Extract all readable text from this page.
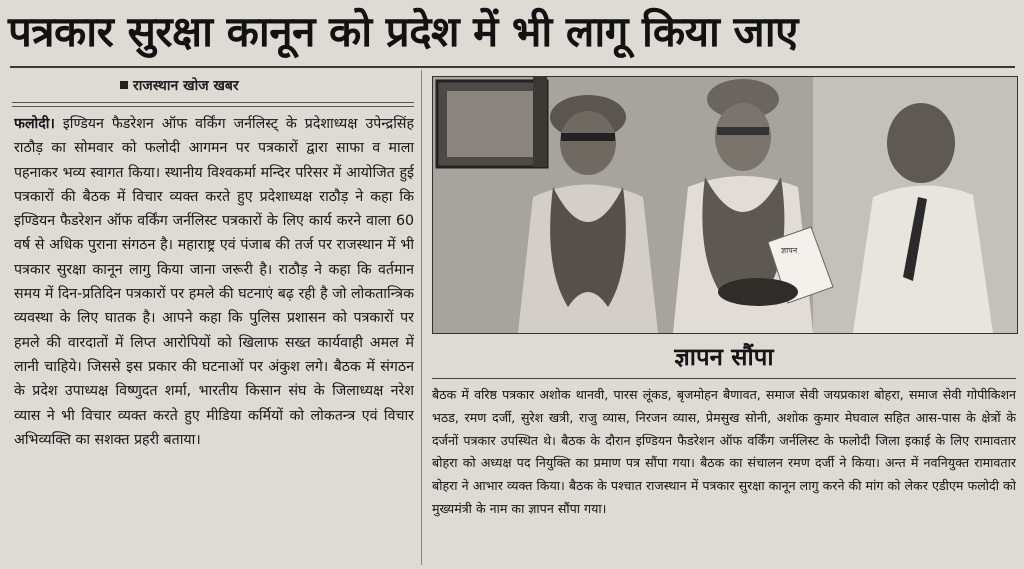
पत्रकार सुरक्षा कानून को प्रदेश में भी लागू किया जाए
राजस्थान खोज खबर
फलोदी। इण्डियन फैडरेशन ऑफ वर्किंग जर्नलिस्ट् के प्रदेशाध्यक्ष उपेन्द्रसिंह राठौड़ का सोमवार को फलोदी आगमन पर पत्रकारों द्वारा साफा व माला पहनाकर भव्य स्वागत किया। स्थानीय विश्वकर्मा मन्दिर परिसर में आयोजित हुई पत्रकारों की बैठक में विचार व्यक्त करते हुए प्रदेशाध्यक्ष राठौड़ ने कहा कि इण्डियन फैडरेशन ऑफ वर्किंग जर्नलिस्ट पत्रकारों के लिए कार्य करने वाला 60 वर्ष से अधिक पुराना संगठन है। महाराष्ट्र एवं पंजाब की तर्ज पर राजस्थान में भी पत्रकार सुरक्षा कानून लागु किया जाना जरूरी है। राठौड़ ने कहा कि वर्तमान समय में दिन-प्रतिदिन पत्रकारों पर हमले की घटनाएं बढ़ रही है जो लोकतान्त्रिक व्यवस्था के लिए घातक है। आपने कहा कि पुलिस प्रशासन को पत्रकारों पर हमले की वारदातों में लिप्त आरोपियों को खिलाफ सख्त कार्यवाही अमल में लानी चाहिये। जिससे इस प्रकार की घटनाओं पर अंकुश लगे। बैठक में संगठन के प्रदेश उपाध्यक्ष विष्णुदत शर्मा, भारतीय किसान संघ के जिलाध्यक्ष नरेश व्यास ने भी विचार व्यक्त करते हुए मीडिया कर्मियों को लोकतन्त्र एवं विचार अभिव्यक्ति का सशक्त प्रहरी बताया।
ज्ञापन
ज्ञापन सौंपा
बैठक में वरिष्ठ पत्रकार अशोक थानवी, पारस लूंकड, बृजमोहन बैणावत, समाज सेवी जयप्रकाश बोहरा, समाज सेवी गोपीकिशन भठड, रमण दर्जी, सुरेश खत्री, राजु व्यास, निरजन व्यास, प्रेमसुख सोनी, अशोक कुमार मेघवाल सहित आस-पास के क्षेत्रों के दर्जनों पत्रकार उपस्थित थे। बैठक के दौरान इण्डियन फैडरेशन ऑफ वर्किंग जर्नलिस्ट के फलोदी जिला इकाई के लिए रामावतार बोहरा को अध्यक्ष पद नियुक्ति का प्रमाण पत्र सौंपा गया। बैठक का संचालन रमण दर्जी ने किया। अन्त में नवनियुक्त रामावतार बोहरा ने आभार व्यक्त किया। बैठक के पश्चात राजस्थान में पत्रकार सुरक्षा कानून लागु करने की मांग को लेकर एडीएम फलोदी को मुख्यमंत्री के नाम का ज्ञापन सौंपा गया।
